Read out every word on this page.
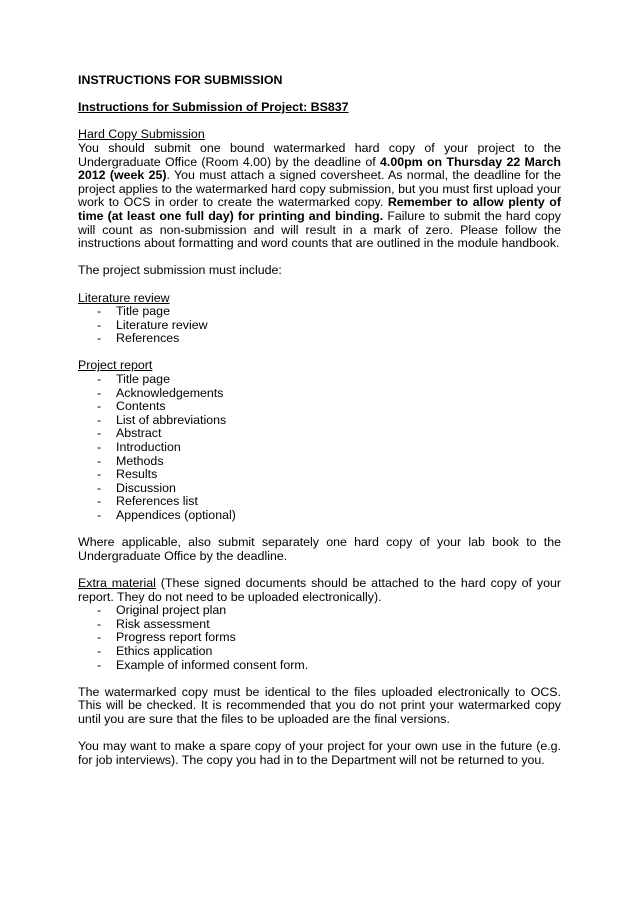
INSTRUCTIONS FOR SUBMISSION

Instructions for Submission of Project: BS837

Hard Copy Submission

You should submit one bound watermarked hard copy of your project to the Undergraduate Office (Room 4.00) by the deadline of 4.00pm on Thursday 22 March 2012 (week 25). You must attach a signed coversheet. As normal, the deadline for the project applies to the watermarked hard copy submission, but you must first upload your work to OCS in order to create the watermarked copy. Remember to allow plenty of time (at least one full day) for printing and binding. Failure to submit the hard copy will count as non-submission and will result in a mark of zero. Please follow the instructions about formatting and word counts that are outlined in the module handbook.

The project submission must include:

Literature review

- Title page
- Literature review
- References

Project report

- Title page
- Acknowledgements
- Contents
- List of abbreviations
- Abstract
- Introduction
- Methods
- Results
- Discussion
- References list
- Appendices (optional)

Where applicable, also submit separately one hard copy of your lab book to the Undergraduate Office by the deadline.

Extra material (These signed documents should be attached to the hard copy of your report. They do not need to be uploaded electronically).

- Original project plan
- Risk assessment
- Progress report forms
- Ethics application
- Example of informed consent form.

The watermarked copy must be identical to the files uploaded electronically to OCS. This will be checked. It is recommended that you do not print your watermarked copy until you are sure that the files to be uploaded are the final versions.

You may want to make a spare copy of your project for your own use in the future (e.g. for job interviews). The copy you had in to the Department will not be returned to you.
